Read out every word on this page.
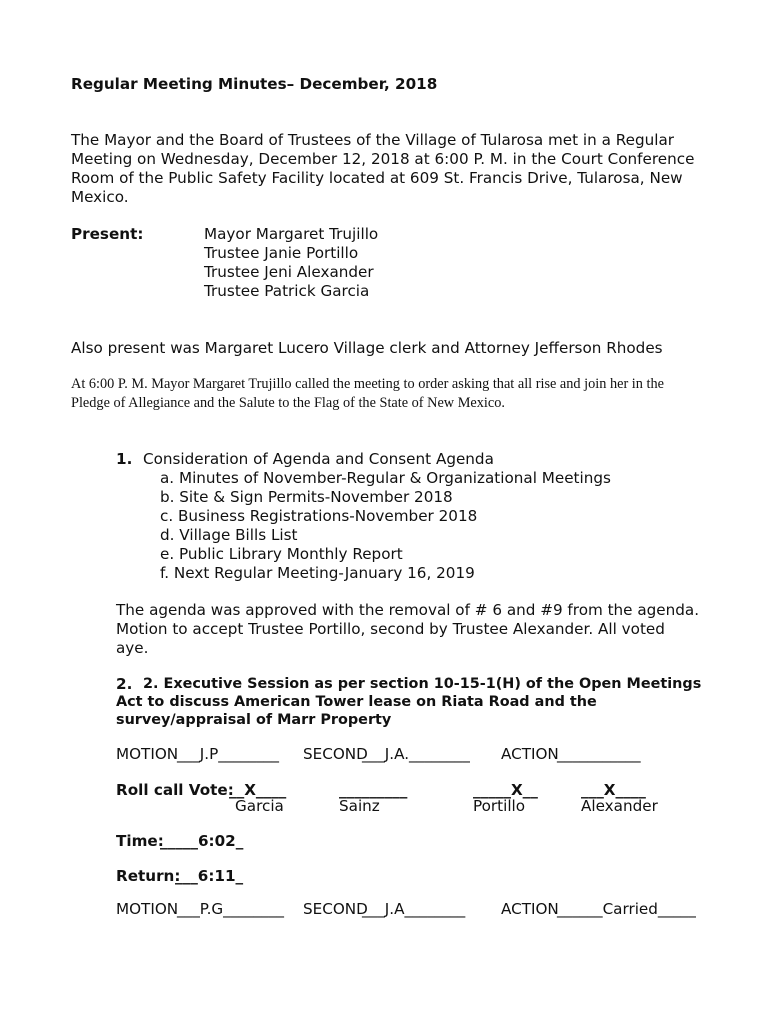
Regular Meeting Minutes– December, 2018
The Mayor and the Board of Trustees of the Village of Tularosa met in a Regular
Meeting on Wednesday, December 12, 2018 at 6:00 P. M. in the Court Conference
Room of the Public Safety Facility located at 609 St. Francis Drive, Tularosa, New
Mexico.
Present:	Mayor Margaret Trujillo
Trustee Janie Portillo
Trustee Jeni Alexander
Trustee Patrick Garcia
Also present was Margaret Lucero Village clerk and Attorney Jefferson Rhodes
At 6:00 P. M. Mayor Margaret Trujillo called the meeting to order asking that all rise and join her in the
Pledge of Allegiance and the Salute to the Flag of the State of New Mexico.
1. Consideration of Agenda and Consent Agenda
a. Minutes of November-Regular & Organizational Meetings
b. Site & Sign Permits-November 2018
c. Business Registrations-November 2018
d. Village Bills List
e. Public Library Monthly Report
f. Next Regular Meeting-January 16, 2019
The agenda was approved with the removal of # 6 and #9 from the agenda.
Motion to accept Trustee Portillo, second by Trustee Alexander. All voted
aye.
2. 2. Executive Session as per section 10-15-1(H) of the Open Meetings
Act to discuss American Tower lease on Riata Road and the
survey/appraisal of Marr Property
MOTION
___J.P________ SECOND
___J.A.________ ACTION
___________
Roll call Vote:
__X____
Garcia
_________
Sainz
_____X__
Portillo
___X____
Alexander
Time:
_____6:02_
Return:
___6:11_
MOTION
___P.G________ SECOND
___J.A________ ACTION
______Carried_____
